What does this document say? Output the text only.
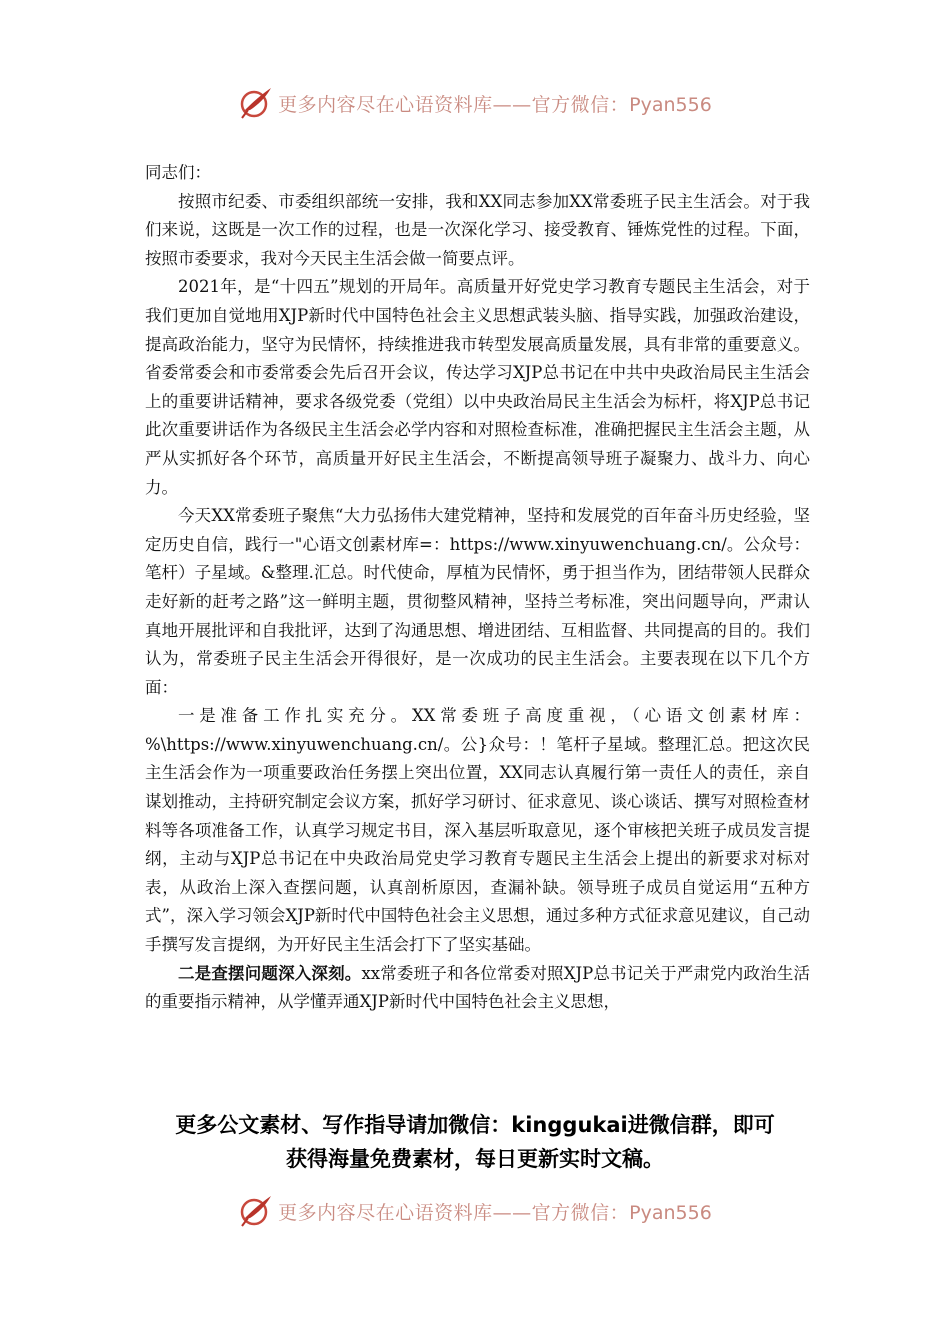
更多内容尽在心语资料库——官方微信：Pyan556

同志们：

按照市纪委、市委组织部统一安排，我和XX同志参加XX常委班子民主生活会。对于我们来说，这既是一次工作的过程，也是一次深化学习、接受教育、锤炼党性的过程。下面，按照市委要求，我对今天民主生活会做一简要点评。

2021年，是“十四五”规划的开局年。高质量开好党史学习教育专题民主生活会，对于我们更加自觉地用XJP新时代中国特色社会主义思想武装头脑、指导实践，加强政治建设，提高政治能力，坚守为民情怀，持续推进我市转型发展高质量发展，具有非常的重要意义。省委常委会和市委常委会先后召开会议，传达学习XJP总书记在中共中央政治局民主生活会上的重要讲话精神，要求各级党委（党组）以中央政治局民主生活会为标杆，将XJP总书记此次重要讲话作为各级民主生活会必学内容和对照检查标准，准确把握民主生活会主题，从严从实抓好各个环节，高质量开好民主生活会，不断提高领导班子凝聚力、战斗力、向心力。

今天XX常委班子聚焦“大力弘扬伟大建党精神，坚持和发展党的百年奋斗历史经验，坚定历史自信，践行一"心语文创素材库=：https://www.xinyuwenchuang.cn/。公众号：笔杆）子星域。&整理.汇总。时代使命，厚植为民情怀，勇于担当作为，团结带领人民群众走好新的赶考之路”这一鲜明主题，贯彻整风精神，坚持兰考标准，突出问题导向，严肃认真地开展批评和自我批评，达到了沟通思想、增进团结、互相监督、共同提高的目的。我们认为，常委班子民主生活会开得很好，是一次成功的民主生活会。主要表现在以下几个方面：

一是准备工作扎实充分。XX常委班子高度重视，（心语文创素材库：%\https://www.xinyuwenchuang.cn/。公}众号：！笔杆子星域。整理汇总。把这次民主生活会作为一项重要政治任务摆上突出位置，XX同志认真履行第一责任人的责任，亲自谋划推动，主持研究制定会议方案，抓好学习研讨、征求意见、谈心谈话、撰写对照检查材料等各项准备工作，认真学习规定书目，深入基层听取意见，逐个审核把关班子成员发言提纲，主动与XJP总书记在中央政治局党史学习教育专题民主生活会上提出的新要求对标对表，从政治上深入查摆问题，认真剖析原因，查漏补缺。领导班子成员自觉运用“五种方式”，深入学习领会XJP新时代中国特色社会主义思想，通过多种方式征求意见建议，自己动手撰写发言提纲，为开好民主生活会打下了坚实基础。

二是查摆问题深入深刻。xx常委班子和各位常委对照XJP总书记关于严肃党内政治生活的重要指示精神，从学懂弄通XJP新时代中国特色社会主义思想，

更多公文素材、写作指导请加微信：kinggukai进微信群，即可
获得海量免费素材，每日更新实时文稿。
更多内容尽在心语资料库——官方微信：Pyan556
